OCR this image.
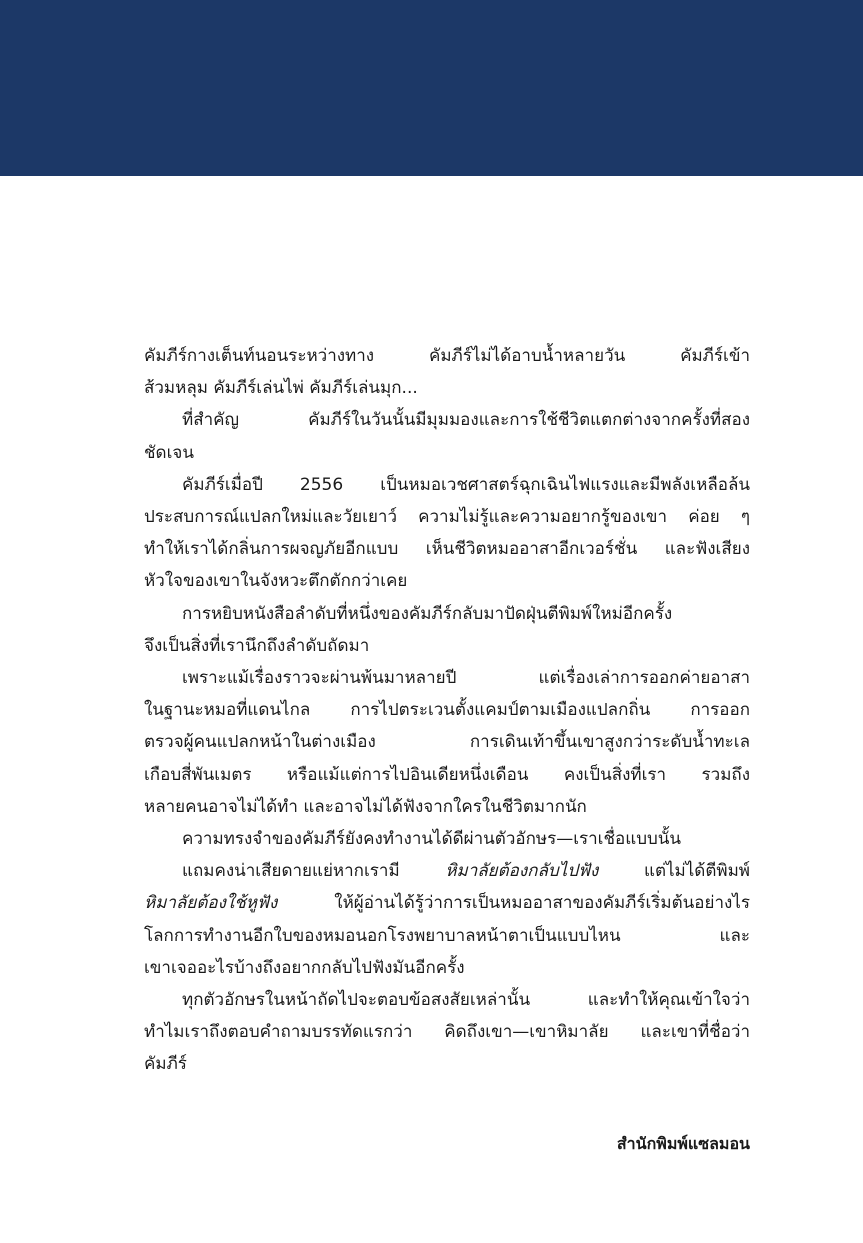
คัมภีร์กางเต็นท์นอนระหว่างทาง คัมภีร์ไม่ได้อาบน้ำหลายวัน คัมภีร์เข้า
ส้วมหลุม คัมภีร์เล่นไพ่ คัมภีร์เล่นมุก...
ที่สำคัญ คัมภีร์ในวันนั้นมีมุมมองและการใช้ชีวิตแตกต่างจากครั้งที่สอง
ชัดเจน
คัมภีร์เมื่อปี 2556 เป็นหมอเวชศาสตร์ฉุกเฉินไฟแรงและมีพลังเหลือล้น
ประสบการณ์แปลกใหม่และวัยเยาว์ ความไม่รู้และความอยากรู้ของเขา ค่อย ๆ
ทำให้เราได้กลิ่นการผจญภัยอีกแบบ เห็นชีวิตหมออาสาอีกเวอร์ชั่น และฟังเสียง
หัวใจของเขาในจังหวะตึกตักกว่าเคย
การหยิบหนังสือลำดับที่หนึ่งของคัมภีร์กลับมาปัดฝุ่นตีพิมพ์ใหม่อีกครั้ง
จึงเป็นสิ่งที่เรานึกถึงลำดับถัดมา
เพราะแม้เรื่องราวจะผ่านพ้นมาหลายปี แต่เรื่องเล่าการออกค่ายอาสา
ในฐานะหมอที่แดนไกล การไปตระเวนตั้งแคมป์ตามเมืองแปลกถิ่น การออก
ตรวจผู้คนแปลกหน้าในต่างเมือง การเดินเท้าขึ้นเขาสูงกว่าระดับน้ำทะเล
เกือบสี่พันเมตร หรือแม้แต่การไปอินเดียหนึ่งเดือน คงเป็นสิ่งที่เรา รวมถึง
หลายคนอาจไม่ได้ทำ และอาจไม่ได้ฟังจากใครในชีวิตมากนัก
ความทรงจำของคัมภีร์ยังคงทำงานได้ดีผ่านตัวอักษร—เราเชื่อแบบนั้น
แถมคงน่าเสียดายแย่หากเรามี หิมาลัยต้องกลับไปฟัง แต่ไม่ได้ตีพิมพ์
หิมาลัยต้องใช้หูฟัง ให้ผู้อ่านได้รู้ว่าการเป็นหมออาสาของคัมภีร์เริ่มต้นอย่างไร
โลกการทำงานอีกใบของหมอนอกโรงพยาบาลหน้าตาเป็นแบบไหน และ
เขาเจออะไรบ้างถึงอยากกลับไปฟังมันอีกครั้ง
ทุกตัวอักษรในหน้าถัดไปจะตอบข้อสงสัยเหล่านั้น และทำให้คุณเข้าใจว่า
ทำไมเราถึงตอบคำถามบรรทัดแรกว่า คิดถึงเขา—เขาหิมาลัย และเขาที่ชื่อว่า
คัมภีร์
สำนักพิมพ์แซลมอน
